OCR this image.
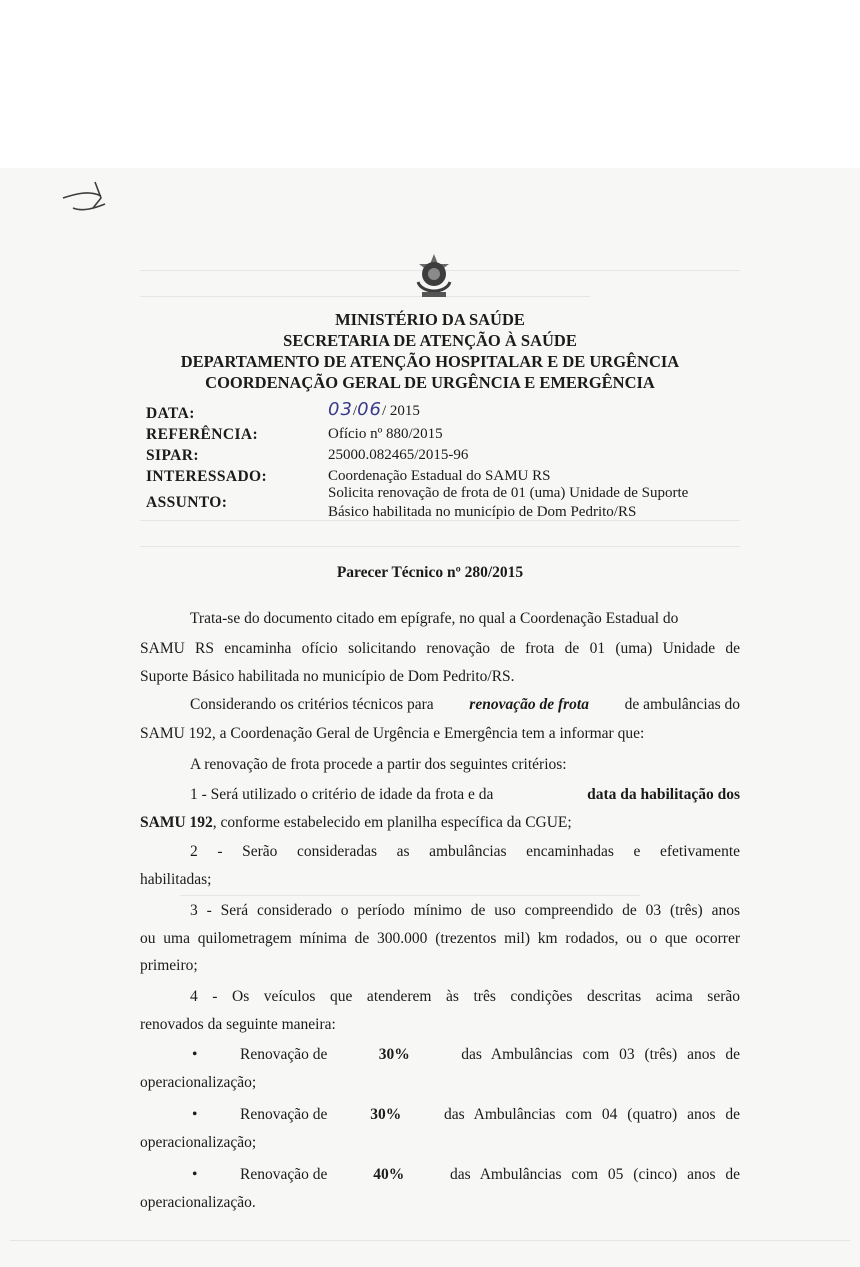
MINISTÉRIO DA SAÚDE
SECRETARIA DE ATENÇÃO À SAÚDE
DEPARTAMENTO DE ATENÇÃO HOSPITALAR E DE URGÊNCIA
COORDENAÇÃO GERAL DE URGÊNCIA E EMERGÊNCIA
DATA:	03/06/ 2015
REFERÊNCIA:	Ofício nº 880/2015
SIPAR:	25000.082465/2015-96
INTERESSADO:	Coordenação Estadual do SAMU RS
ASSUNTO:
Solicita renovação de frota de 01 (uma) Unidade de Suporte
Básico habilitada no município de Dom Pedrito/RS
Parecer Técnico nº 280/2015
Trata-se do documento citado em epígrafe, no qual a Coordenação Estadual do
SAMU RS encaminha ofício solicitando renovação de frota de 01 (uma) Unidade de
Suporte Básico habilitada no município de Dom Pedrito/RS.
Considerando os critérios técnicos para renovação de frota de ambulâncias do
SAMU 192, a Coordenação Geral de Urgência e Emergência tem a informar que:
A renovação de frota procede a partir dos seguintes critérios:
1 - Será utilizado o critério de idade da frota e da	data da habilitação dos
SAMU 192, conforme estabelecido em planilha específica da CGUE;
2 - Serão consideradas as ambulâncias encaminhadas e efetivamente
habilitadas;
3 - Será considerado o período mínimo de uso compreendido de 03 (três) anos
ou uma quilometragem mínima de 300.000 (trezentos mil) km rodados, ou o que ocorrer
primeiro;
4 - Os veículos que atenderem às três condições descritas acima serão
renovados da seguinte maneira:
•	Renovação de	30%	das Ambulâncias com 03 (três) anos de
operacionalização;
•	Renovação de	30%	das Ambulâncias com 04 (quatro) anos de
operacionalização;
•	Renovação de	40%	das Ambulâncias com 05 (cinco) anos de
operacionalização.
